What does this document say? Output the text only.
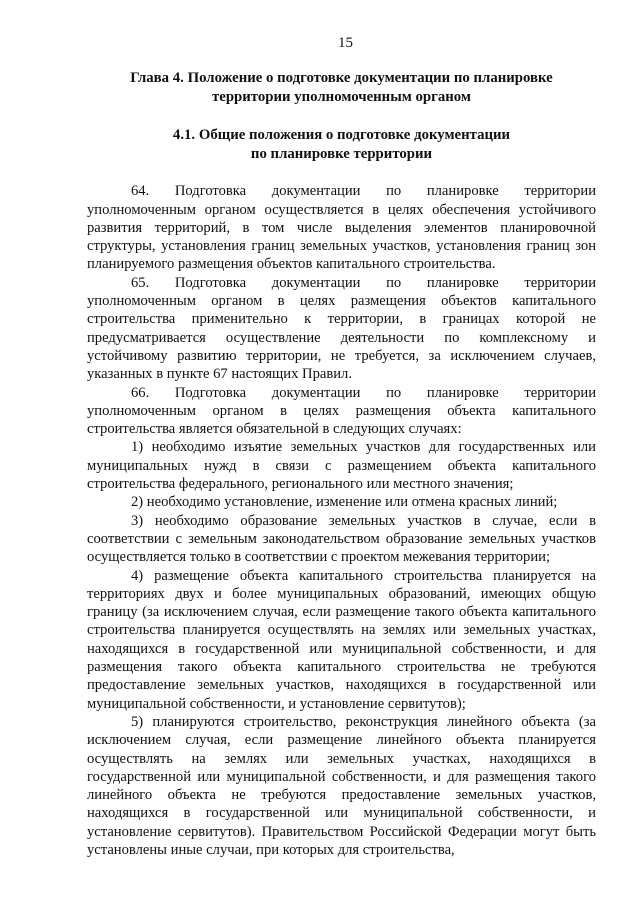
15
Глава 4. Положение о подготовке документации по планировке
территории уполномоченным органом
4.1. Общие положения о подготовке документации
по планировке территории

64. Подготовка документации по планировке территории уполномоченным органом осуществляется в целях обеспечения устойчивого развития территорий, в том числе выделения элементов планировочной структуры, установления границ земельных участков, установления границ зон планируемого размещения объектов капитального строительства.

65. Подготовка документации по планировке территории уполномоченным органом в целях размещения объектов капитального строительства применительно к территории, в границах которой не предусматривается осуществление деятельности по комплексному и устойчивому развитию территории, не требуется, за исключением случаев, указанных в пункте 67 настоящих Правил.

66. Подготовка документации по планировке территории уполномоченным органом в целях размещения объекта капитального строительства является обязательной в следующих случаях:

1) необходимо изъятие земельных участков для государственных или муниципальных нужд в связи с размещением объекта капитального строительства федерального, регионального или местного значения;

2) необходимо установление, изменение или отмена красных линий;

3) необходимо образование земельных участков в случае, если в соответствии с земельным законодательством образование земельных участков осуществляется только в соответствии с проектом межевания территории;

4) размещение объекта капитального строительства планируется на территориях двух и более муниципальных образований, имеющих общую границу (за исключением случая, если размещение такого объекта капитального строительства планируется осуществлять на землях или земельных участках, находящихся в государственной или муниципальной собственности, и для размещения такого объекта капитального строительства не требуются предоставление земельных участков, находящихся в государственной или муниципальной собственности, и установление сервитутов);

5) планируются строительство, реконструкция линейного объекта (за исключением случая, если размещение линейного объекта планируется осуществлять на землях или земельных участках, находящихся в государственной или муниципальной собственности, и для размещения такого линейного объекта не требуются предоставление земельных участков, находящихся в государственной или муниципальной собственности, и установление сервитутов). Правительством Российской Федерации могут быть установлены иные случаи, при которых для строительства,
